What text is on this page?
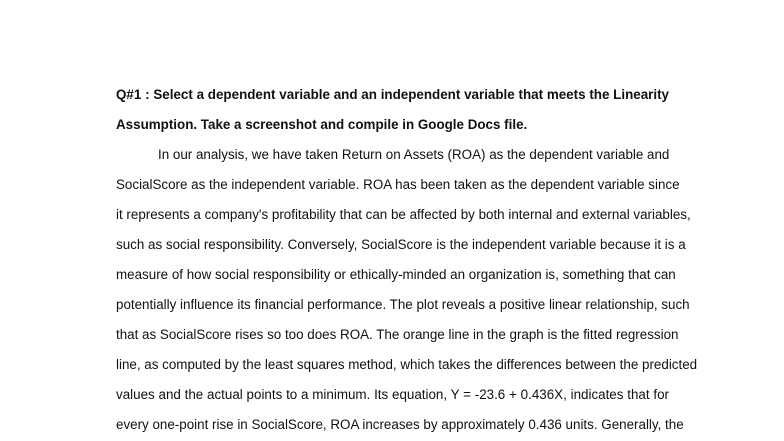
Q#1 : Select a dependent variable and an independent variable that meets the Linearity
Assumption. Take a screenshot and compile in Google Docs file.

In our analysis, we have taken Return on Assets (ROA) as the dependent variable and
SocialScore as the independent variable. ROA has been taken as the dependent variable since
it represents a company's profitability that can be affected by both internal and external variables,
such as social responsibility. Conversely, SocialScore is the independent variable because it is a
measure of how social responsibility or ethically-minded an organization is, something that can
potentially influence its financial performance. The plot reveals a positive linear relationship, such
that as SocialScore rises so too does ROA. The orange line in the graph is the fitted regression
line, as computed by the least squares method, which takes the differences between the predicted
values and the actual points to a minimum. Its equation, Y = -23.6 + 0.436X, indicates that for
every one-point rise in SocialScore, ROA increases by approximately 0.436 units. Generally, the
